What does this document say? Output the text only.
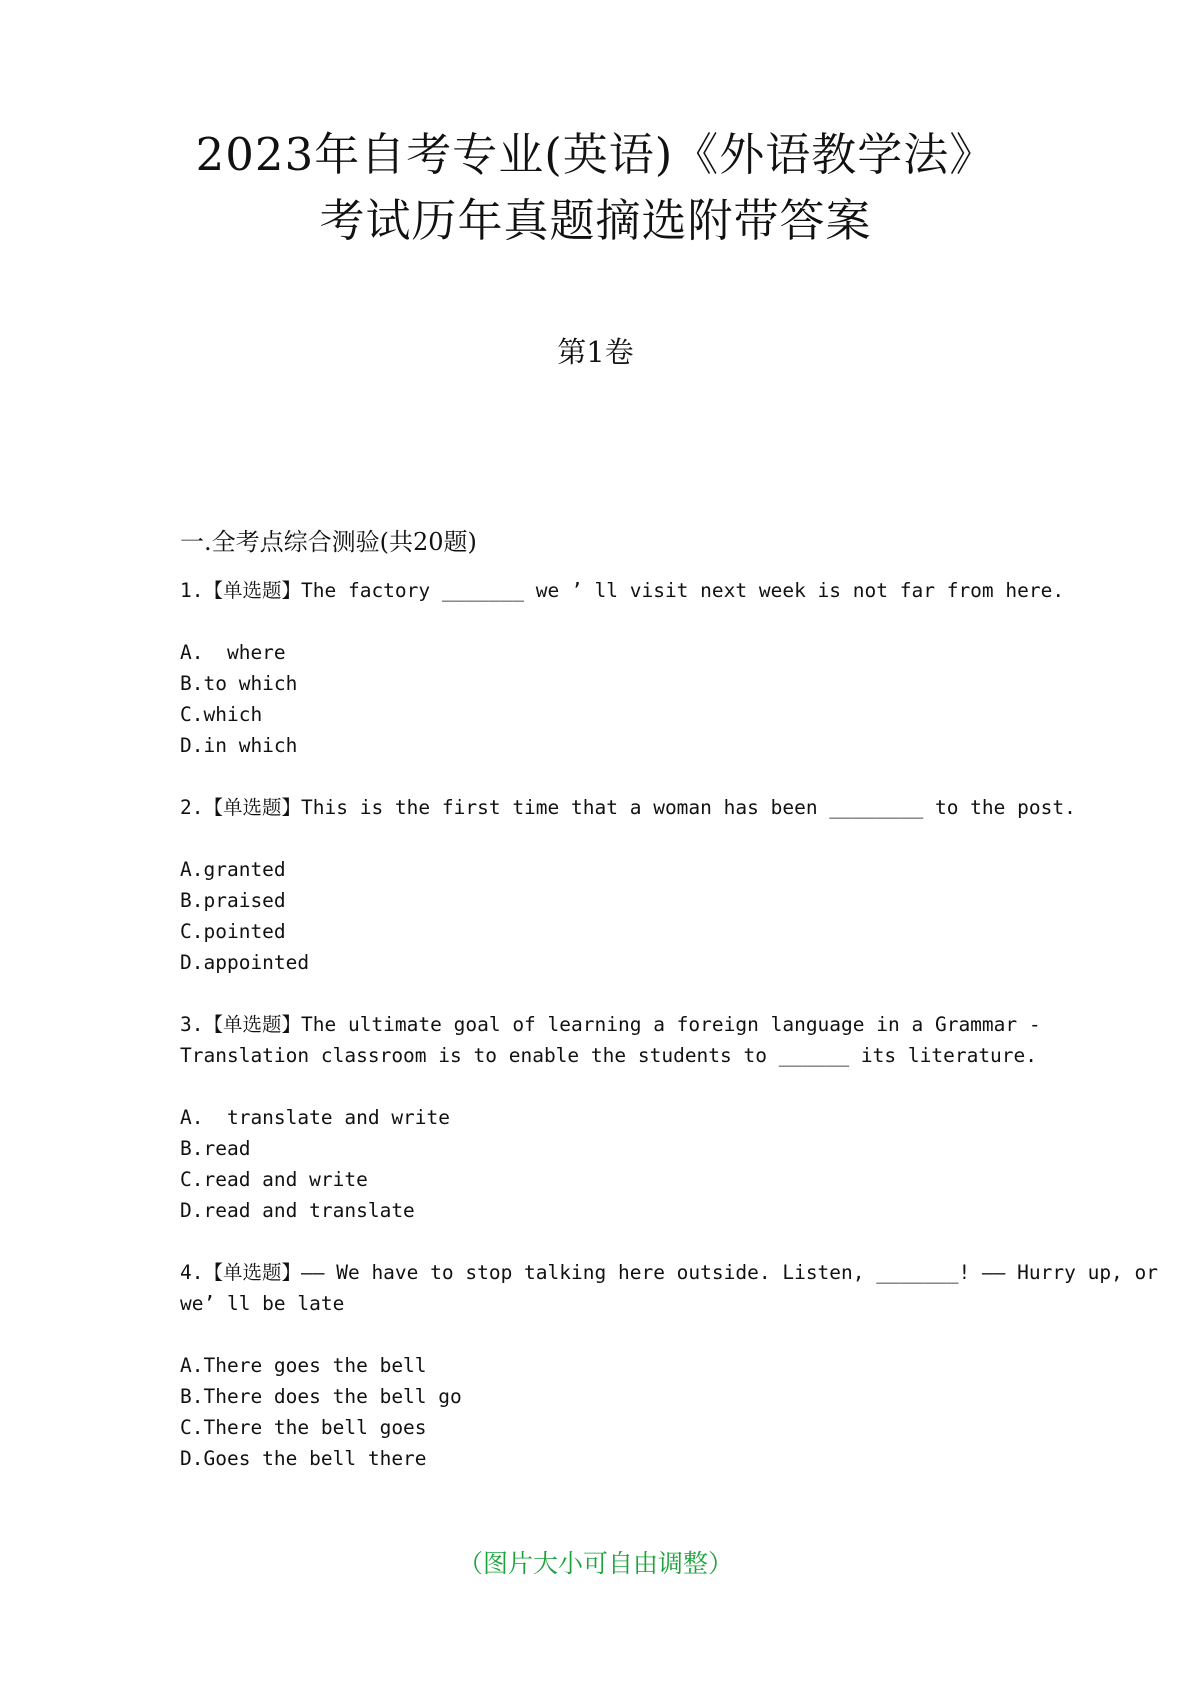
2023年自考专业(英语)《外语教学法》
考试历年真题摘选附带答案
第1卷
一.全考点综合测验(共20题)
1.【单选题】The factory _______ we ’ ll visit next week is not far from here.
A.  where
B.to which
C.which
D.in which
2.【单选题】This is the first time that a woman has been ________ to the post.
A.granted
B.praised
C.pointed
D.appointed
3.【单选题】The ultimate goal of learning a foreign language in a Grammar -Translation classroom is to enable the students to ______ its literature.
A.  translate and write
B.read
C.read and write
D.read and translate
4.【单选题】—— We have to stop talking here outside. Listen, _______! —— Hurry up, or we’ ll be late
A.There goes the bell
B.There does the bell go
C.There the bell goes
D.Goes the bell there
（图片大小可自由调整）
